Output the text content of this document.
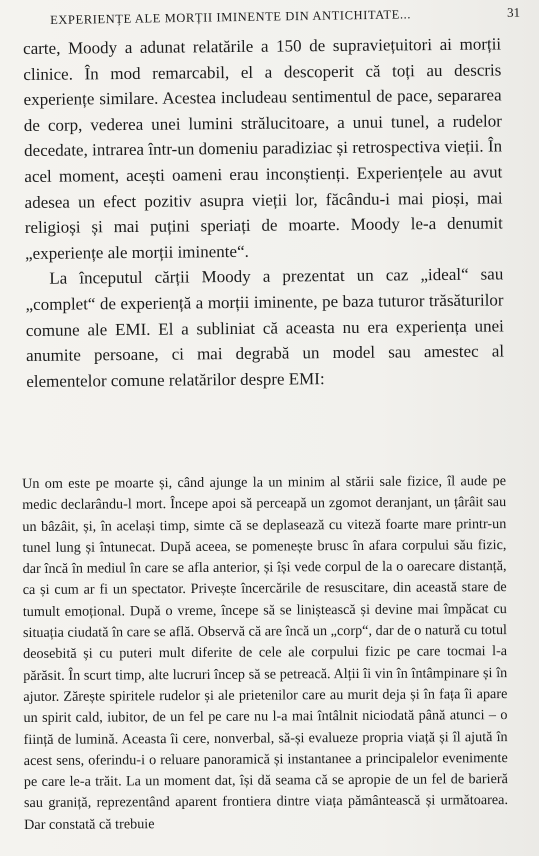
EXPERIENȚE ALE MORȚII IMINENTE DIN ANTICHITATE...	31

carte, Moody a adunat relatările a 150 de supraviețuitori ai morții clinice. În mod remarcabil, el a descoperit că toți au descris experiențe similare. Acestea includeau sentimentul de pace, separarea de corp, vederea unei lumini strălucitoare, a unui tunel, a rudelor decedate, intrarea într-un domeniu paradiziac și retrospectiva vieții. În acel moment, acești oameni erau inconștienți. Experiențele au avut adesea un efect pozitiv asupra vieții lor, făcându-i mai pioși, mai religioși și mai puțini speriați de moarte. Moody le-a denumit „experiențe ale morții iminente“.

La începutul cărții Moody a prezentat un caz „ideal“ sau „complet“ de experiență a morții iminente, pe baza tuturor trăsăturilor comune ale EMI. El a subliniat că aceasta nu era experiența unei anumite persoane, ci mai degrabă un model sau amestec al elementelor comune relatărilor despre EMI:

Un om este pe moarte și, când ajunge la un minim al stării sale fizice, îl aude pe medic declarându-l mort. Începe apoi să perceapă un zgomot deranjant, un țârâit sau un bâzâit, și, în același timp, simte că se deplasează cu viteză foarte mare printr-un tunel lung și întunecat. După aceea, se pomenește brusc în afara corpului său fizic, dar încă în mediul în care se afla anterior, și își vede corpul de la o oarecare distanță, ca și cum ar fi un spectator. Privește încercările de resuscitare, din această stare de tumult emoțional. După o vreme, începe să se liniștească și devine mai împăcat cu situația ciudată în care se află. Observă că are încă un „corp“, dar de o natură cu totul deosebită și cu puteri mult diferite de cele ale corpului fizic pe care tocmai l-a părăsit. În scurt timp, alte lucruri încep să se petreacă. Alții îi vin în întâmpinare și în ajutor. Zărește spiritele rudelor și ale prietenilor care au murit deja și în fața îi apare un spirit cald, iubitor, de un fel pe care nu l-a mai întâlnit niciodată până atunci – o ființă de lumină. Aceasta îi cere, nonverbal, să-și evalueze propria viață și îl ajută în acest sens, oferindu-i o reluare panoramică și instantanee a principalelor evenimente pe care le-a trăit. La un moment dat, își dă seama că se apropie de un fel de barieră sau graniță, reprezentând aparent frontiera dintre viața pământească și următoarea. Dar constată că trebuie
